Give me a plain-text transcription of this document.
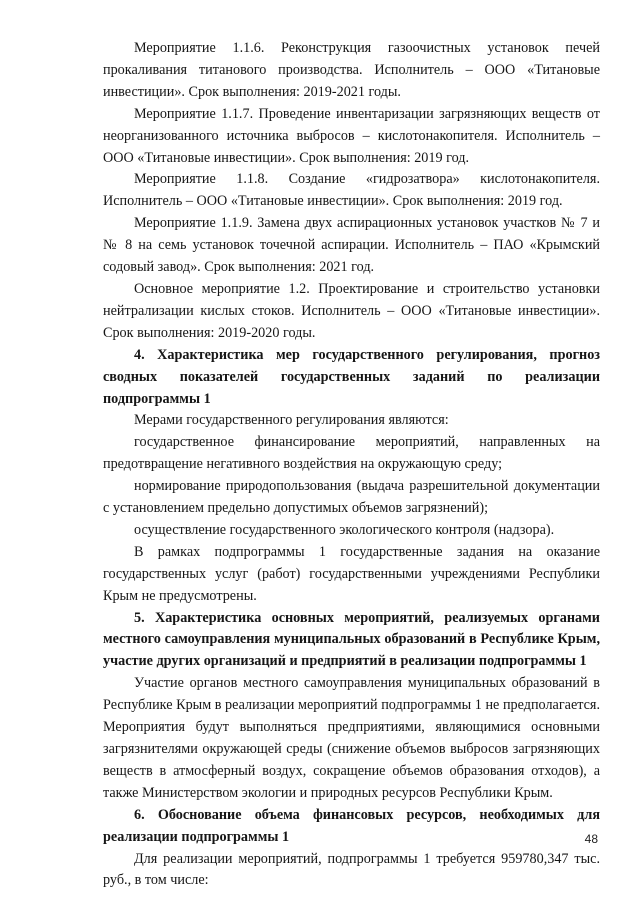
Мероприятие 1.1.6. Реконструкция газоочистных установок печей прокаливания титанового производства. Исполнитель – ООО «Титановые инвестиции». Срок выполнения: 2019-2021 годы.

Мероприятие 1.1.7. Проведение инвентаризации загрязняющих веществ от неорганизованного источника выбросов – кислотонакопителя. Исполнитель – ООО «Титановые инвестиции». Срок выполнения: 2019 год.

Мероприятие 1.1.8. Создание «гидрозатвора» кислотонакопителя. Исполнитель – ООО «Титановые инвестиции». Срок выполнения: 2019 год.

Мероприятие 1.1.9. Замена двух аспирационных установок участков № 7 и № 8 на семь установок точечной аспирации. Исполнитель – ПАО «Крымский содовый завод». Срок выполнения: 2021 год.

Основное мероприятие 1.2. Проектирование и строительство установки нейтрализации кислых стоков. Исполнитель – ООО «Титановые инвестиции». Срок выполнения: 2019-2020 годы.

4. Характеристика мер государственного регулирования, прогноз сводных показателей государственных заданий по реализации подпрограммы 1

Мерами государственного регулирования являются:

государственное финансирование мероприятий, направленных на предотвращение негативного воздействия на окружающую среду;

нормирование природопользования (выдача разрешительной документации с установлением предельно допустимых объемов загрязнений);

осуществление государственного экологического контроля (надзора).

В рамках подпрограммы 1 государственные задания на оказание государственных услуг (работ) государственными учреждениями Республики Крым не предусмотрены.

5. Характеристика основных мероприятий, реализуемых органами местного самоуправления муниципальных образований в Республике Крым, участие других организаций и предприятий в реализации подпрограммы 1

Участие органов местного самоуправления муниципальных образований в Республике Крым в реализации мероприятий подпрограммы 1 не предполагается. Мероприятия будут выполняться предприятиями, являющимися основными загрязнителями окружающей среды (снижение объемов выбросов загрязняющих веществ в атмосферный воздух, сокращение объемов образования отходов), а также Министерством экологии и природных ресурсов Республики Крым.

6. Обоснование объема финансовых ресурсов, необходимых для реализации подпрограммы 1

Для реализации мероприятий, подпрограммы 1 требуется 959780,347 тыс. руб., в том числе:

48
